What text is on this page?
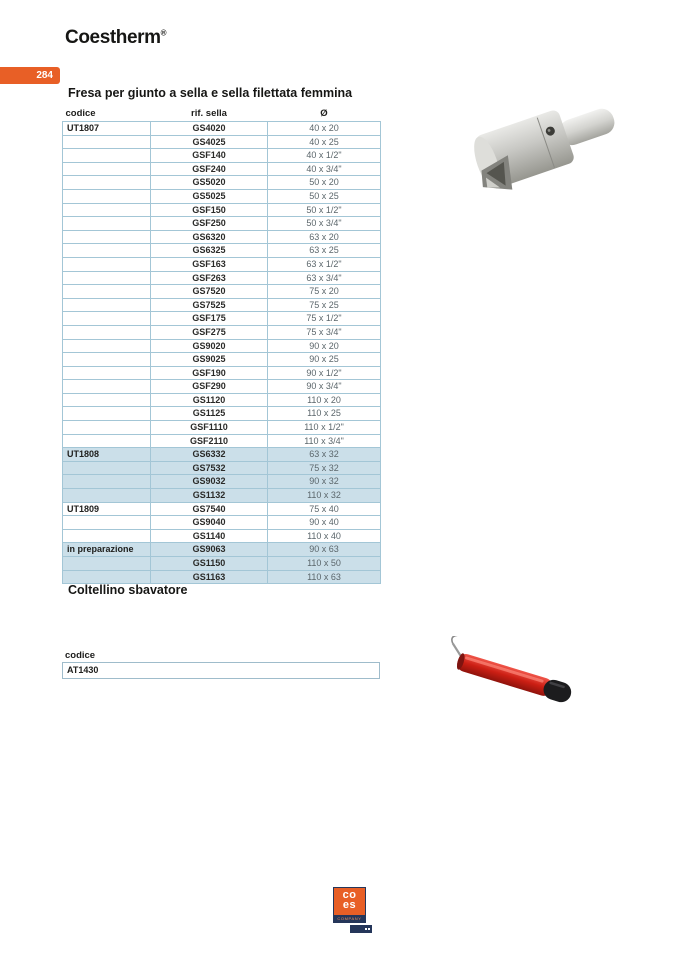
Coestherm®
284
Fresa per giunto a sella e sella filettata femmina
codice	rif. sella	Ø
UT1807	GS4020	40 x 20
	GS4025	40 x 25
	GSF140	40 x 1/2"
	GSF240	40 x 3/4"
	GS5020	50 x 20
	GS5025	50 x 25
	GSF150	50 x 1/2"
	GSF250	50 x 3/4"
	GS6320	63 x 20
	GS6325	63 x 25
	GSF163	63 x 1/2"
	GSF263	63 x 3/4"
	GS7520	75 x 20
	GS7525	75 x 25
	GSF175	75 x 1/2"
	GSF275	75 x 3/4"
	GS9020	90 x 20
	GS9025	90 x 25
	GSF190	90 x 1/2"
	GSF290	90 x 3/4"
	GS1120	110 x 20
	GS1125	110 x 25
	GSF1110	110 x 1/2"
	GSF2110	110 x 3/4"
UT1808	GS6332	63 x 32
	GS7532	75 x 32
	GS9032	90 x 32
	GS1132	110 x 32
UT1809	GS7540	75 x 40
	GS9040	90 x 40
	GS1140	110 x 40
in preparazione	GS9063	90 x 63
	GS1150	110 x 50
	GS1163	110 x 63
Coltellino sbavatore
codice
AT1430
co
es
COMPANY
